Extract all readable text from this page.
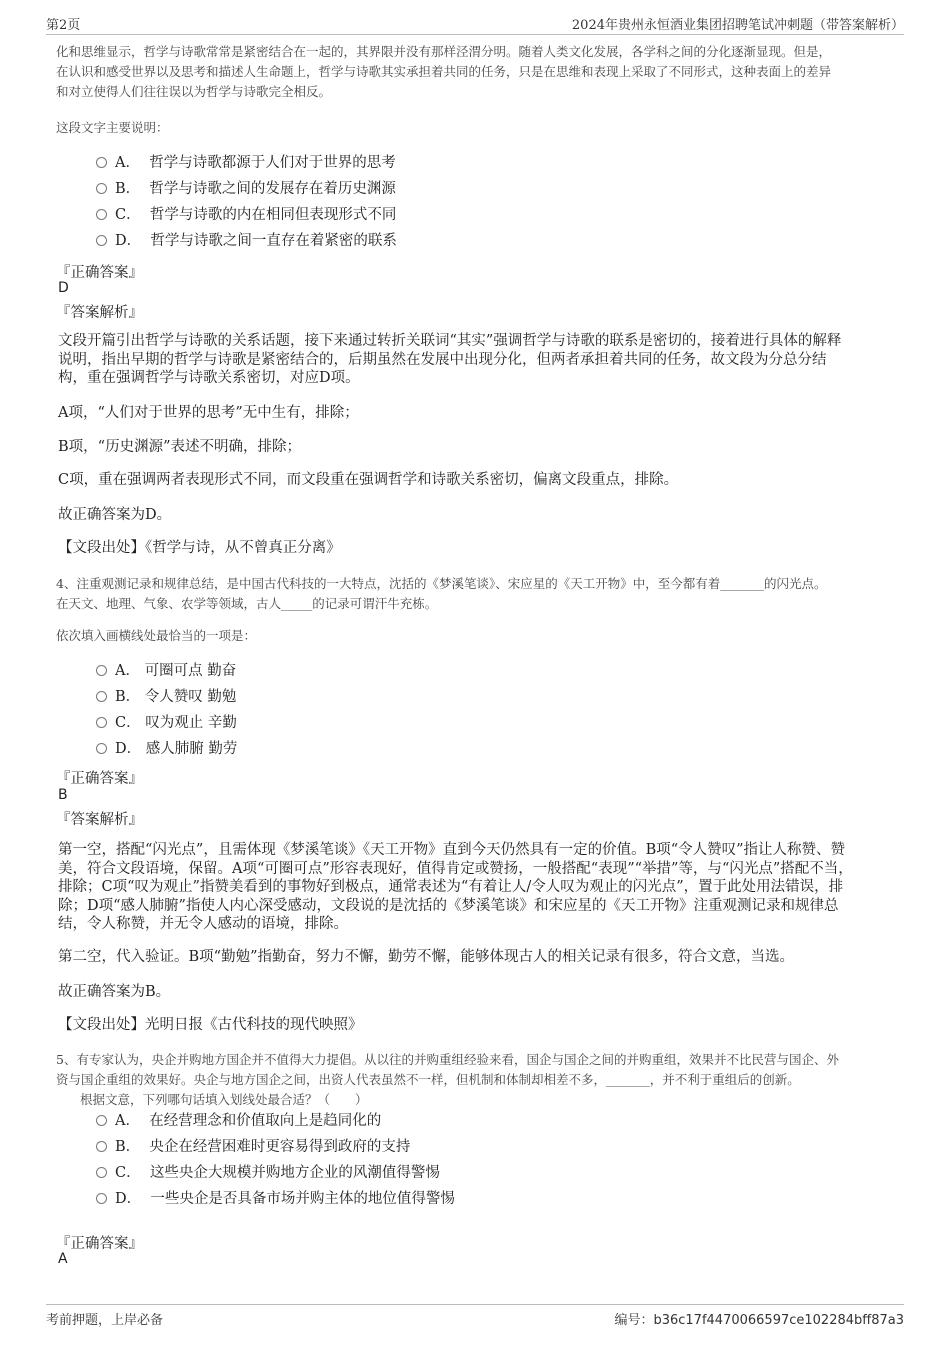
第2页	2024年贵州永恒酒业集团招聘笔试冲刺题（带答案解析）
化和思维显示，哲学与诗歌常常是紧密结合在一起的，其界限并没有那样泾渭分明。随着人类文化发展，各学科之间的分化逐渐显现。但是，
在认识和感受世界以及思考和描述人生命题上，哲学与诗歌其实承担着共同的任务，只是在思维和表现上采取了不同形式，这种表面上的差异
和对立使得人们往往误以为哲学与诗歌完全相反。
这段文字主要说明：
A． 哲学与诗歌都源于人们对于世界的思考
B． 哲学与诗歌之间的发展存在着历史渊源
C． 哲学与诗歌的内在相同但表现形式不同
D． 哲学与诗歌之间一直存在着紧密的联系
『正确答案』
D
『答案解析』
文段开篇引出哲学与诗歌的关系话题，接下来通过转折关联词“其实”强调哲学与诗歌的联系是密切的，接着进行具体的解释
说明，指出早期的哲学与诗歌是紧密结合的，后期虽然在发展中出现分化，但两者承担着共同的任务，故文段为分总分结
构，重在强调哲学与诗歌关系密切，对应D项。
A项，“人们对于世界的思考”无中生有，排除；
B项，“历史渊源”表述不明确，排除；
C项，重在强调两者表现形式不同，而文段重在强调哲学和诗歌关系密切，偏离文段重点，排除。
故正确答案为D。
【文段出处】《哲学与诗，从不曾真正分离》
4、注重观测记录和规律总结，是中国古代科技的一大特点，沈括的《梦溪笔谈》、宋应星的《天工开物》中，至今都有着_______的闪光点。
在天文、地理、气象、农学等领域，古人_____的记录可谓汗牛充栋。
依次填入画横线处最恰当的一项是：
A． 可圈可点 勤奋
B． 令人赞叹 勤勉
C． 叹为观止 辛勤
D． 感人肺腑 勤劳
『正确答案』
B
『答案解析』
第一空，搭配“闪光点”，且需体现《梦溪笔谈》《天工开物》直到今天仍然具有一定的价值。B项“令人赞叹”指让人称赞、赞
美，符合文段语境，保留。A项“可圈可点”形容表现好，值得肯定或赞扬，一般搭配“表现”“举措”等，与“闪光点”搭配不当，
排除；C项“叹为观止”指赞美看到的事物好到极点，通常表述为“有着让人/令人叹为观止的闪光点”，置于此处用法错误，排
除；D项“感人肺腑”指使人内心深受感动，文段说的是沈括的《梦溪笔谈》和宋应星的《天工开物》注重观测记录和规律总
结，令人称赞，并无令人感动的语境，排除。
第二空，代入验证。B项“勤勉”指勤奋，努力不懈，勤劳不懈，能够体现古人的相关记录有很多，符合文意，当选。
故正确答案为B。
【文段出处】光明日报《古代科技的现代映照》
5、有专家认为，央企并购地方国企并不值得大力提倡。从以往的并购重组经验来看，国企与国企之间的并购重组，效果并不比民营与国企、外
资与国企重组的效果好。央企与地方国企之间，出资人代表虽然不一样，但机制和体制却相差不多，_______，并不利于重组后的创新。
根据文意，下列哪句话填入划线处最合适？（　　）
A． 在经营理念和价值取向上是趋同化的
B． 央企在经营困难时更容易得到政府的支持
C． 这些央企大规模并购地方企业的风潮值得警惕
D． 一些央企是否具备市场并购主体的地位值得警惕
『正确答案』
A
考前押题，上岸必备	编号：b36c17f4470066597ce102284bff87a3
